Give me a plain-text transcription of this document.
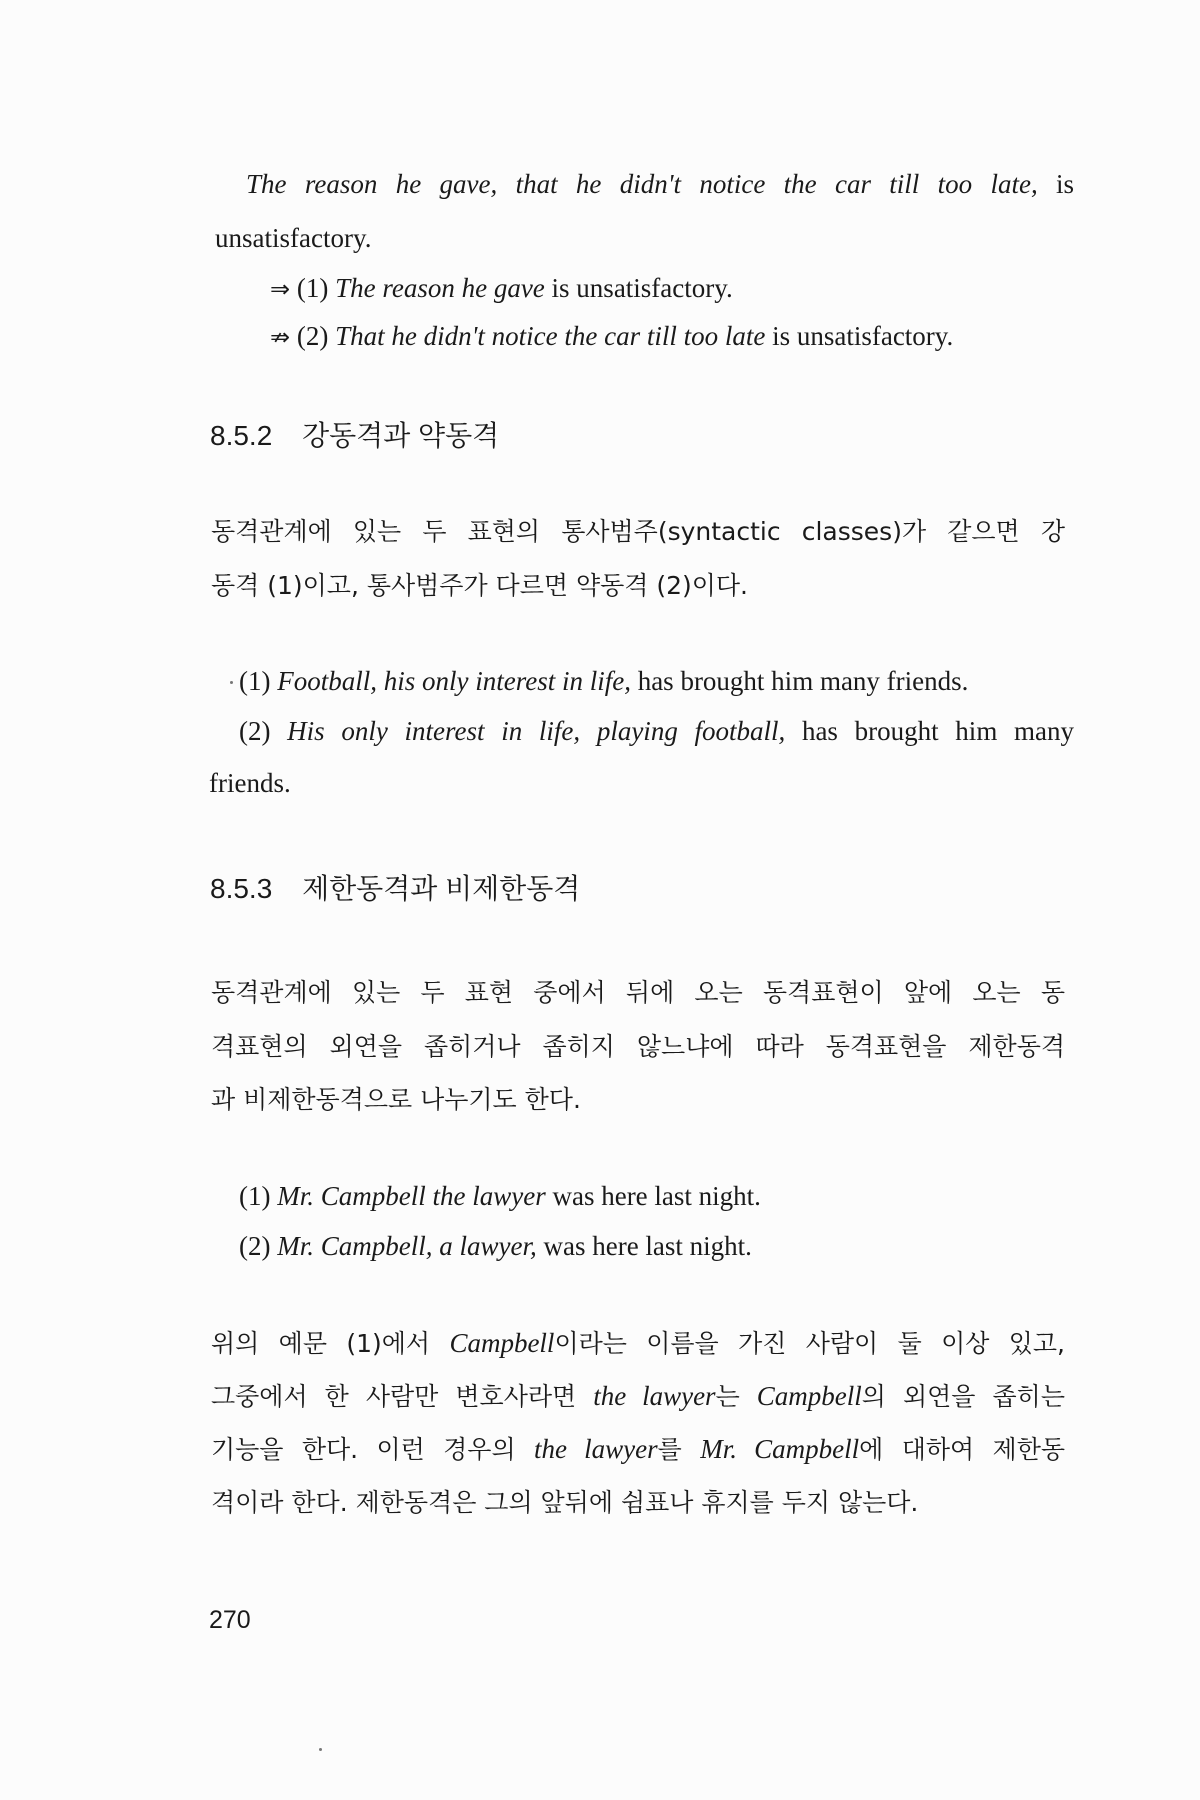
The reason he gave, that he didn't notice the car till too late, is
unsatisfactory.
⇒ (1) The reason he gave is unsatisfactory.
⇏ (2) That he didn't notice the car till too late is unsatisfactory.
8.5.2 강동격과 약동격
동격관계에 있는 두 표현의 통사범주(syntactic classes)가 같으면 강
동격 (1)이고, 통사범주가 다르면 약동격 (2)이다.
(1) Football, his only interest in life, has brought him many friends.
(2) His only interest in life, playing football, has brought him many
friends.
8.5.3 제한동격과 비제한동격
동격관계에 있는 두 표현 중에서 뒤에 오는 동격표현이 앞에 오는 동
격표현의 외연을 좁히거나 좁히지 않느냐에 따라 동격표현을 제한동격
과 비제한동격으로 나누기도 한다.
(1) Mr. Campbell the lawyer was here last night.
(2) Mr. Campbell, a lawyer, was here last night.
위의 예문 (1)에서 Campbell이라는 이름을 가진 사람이 둘 이상 있고,
그중에서 한 사람만 변호사라면 the lawyer는 Campbell의 외연을 좁히는
기능을 한다. 이런 경우의 the lawyer를 Mr. Campbell에 대하여 제한동
격이라 한다. 제한동격은 그의 앞뒤에 쉼표나 휴지를 두지 않는다.
270
